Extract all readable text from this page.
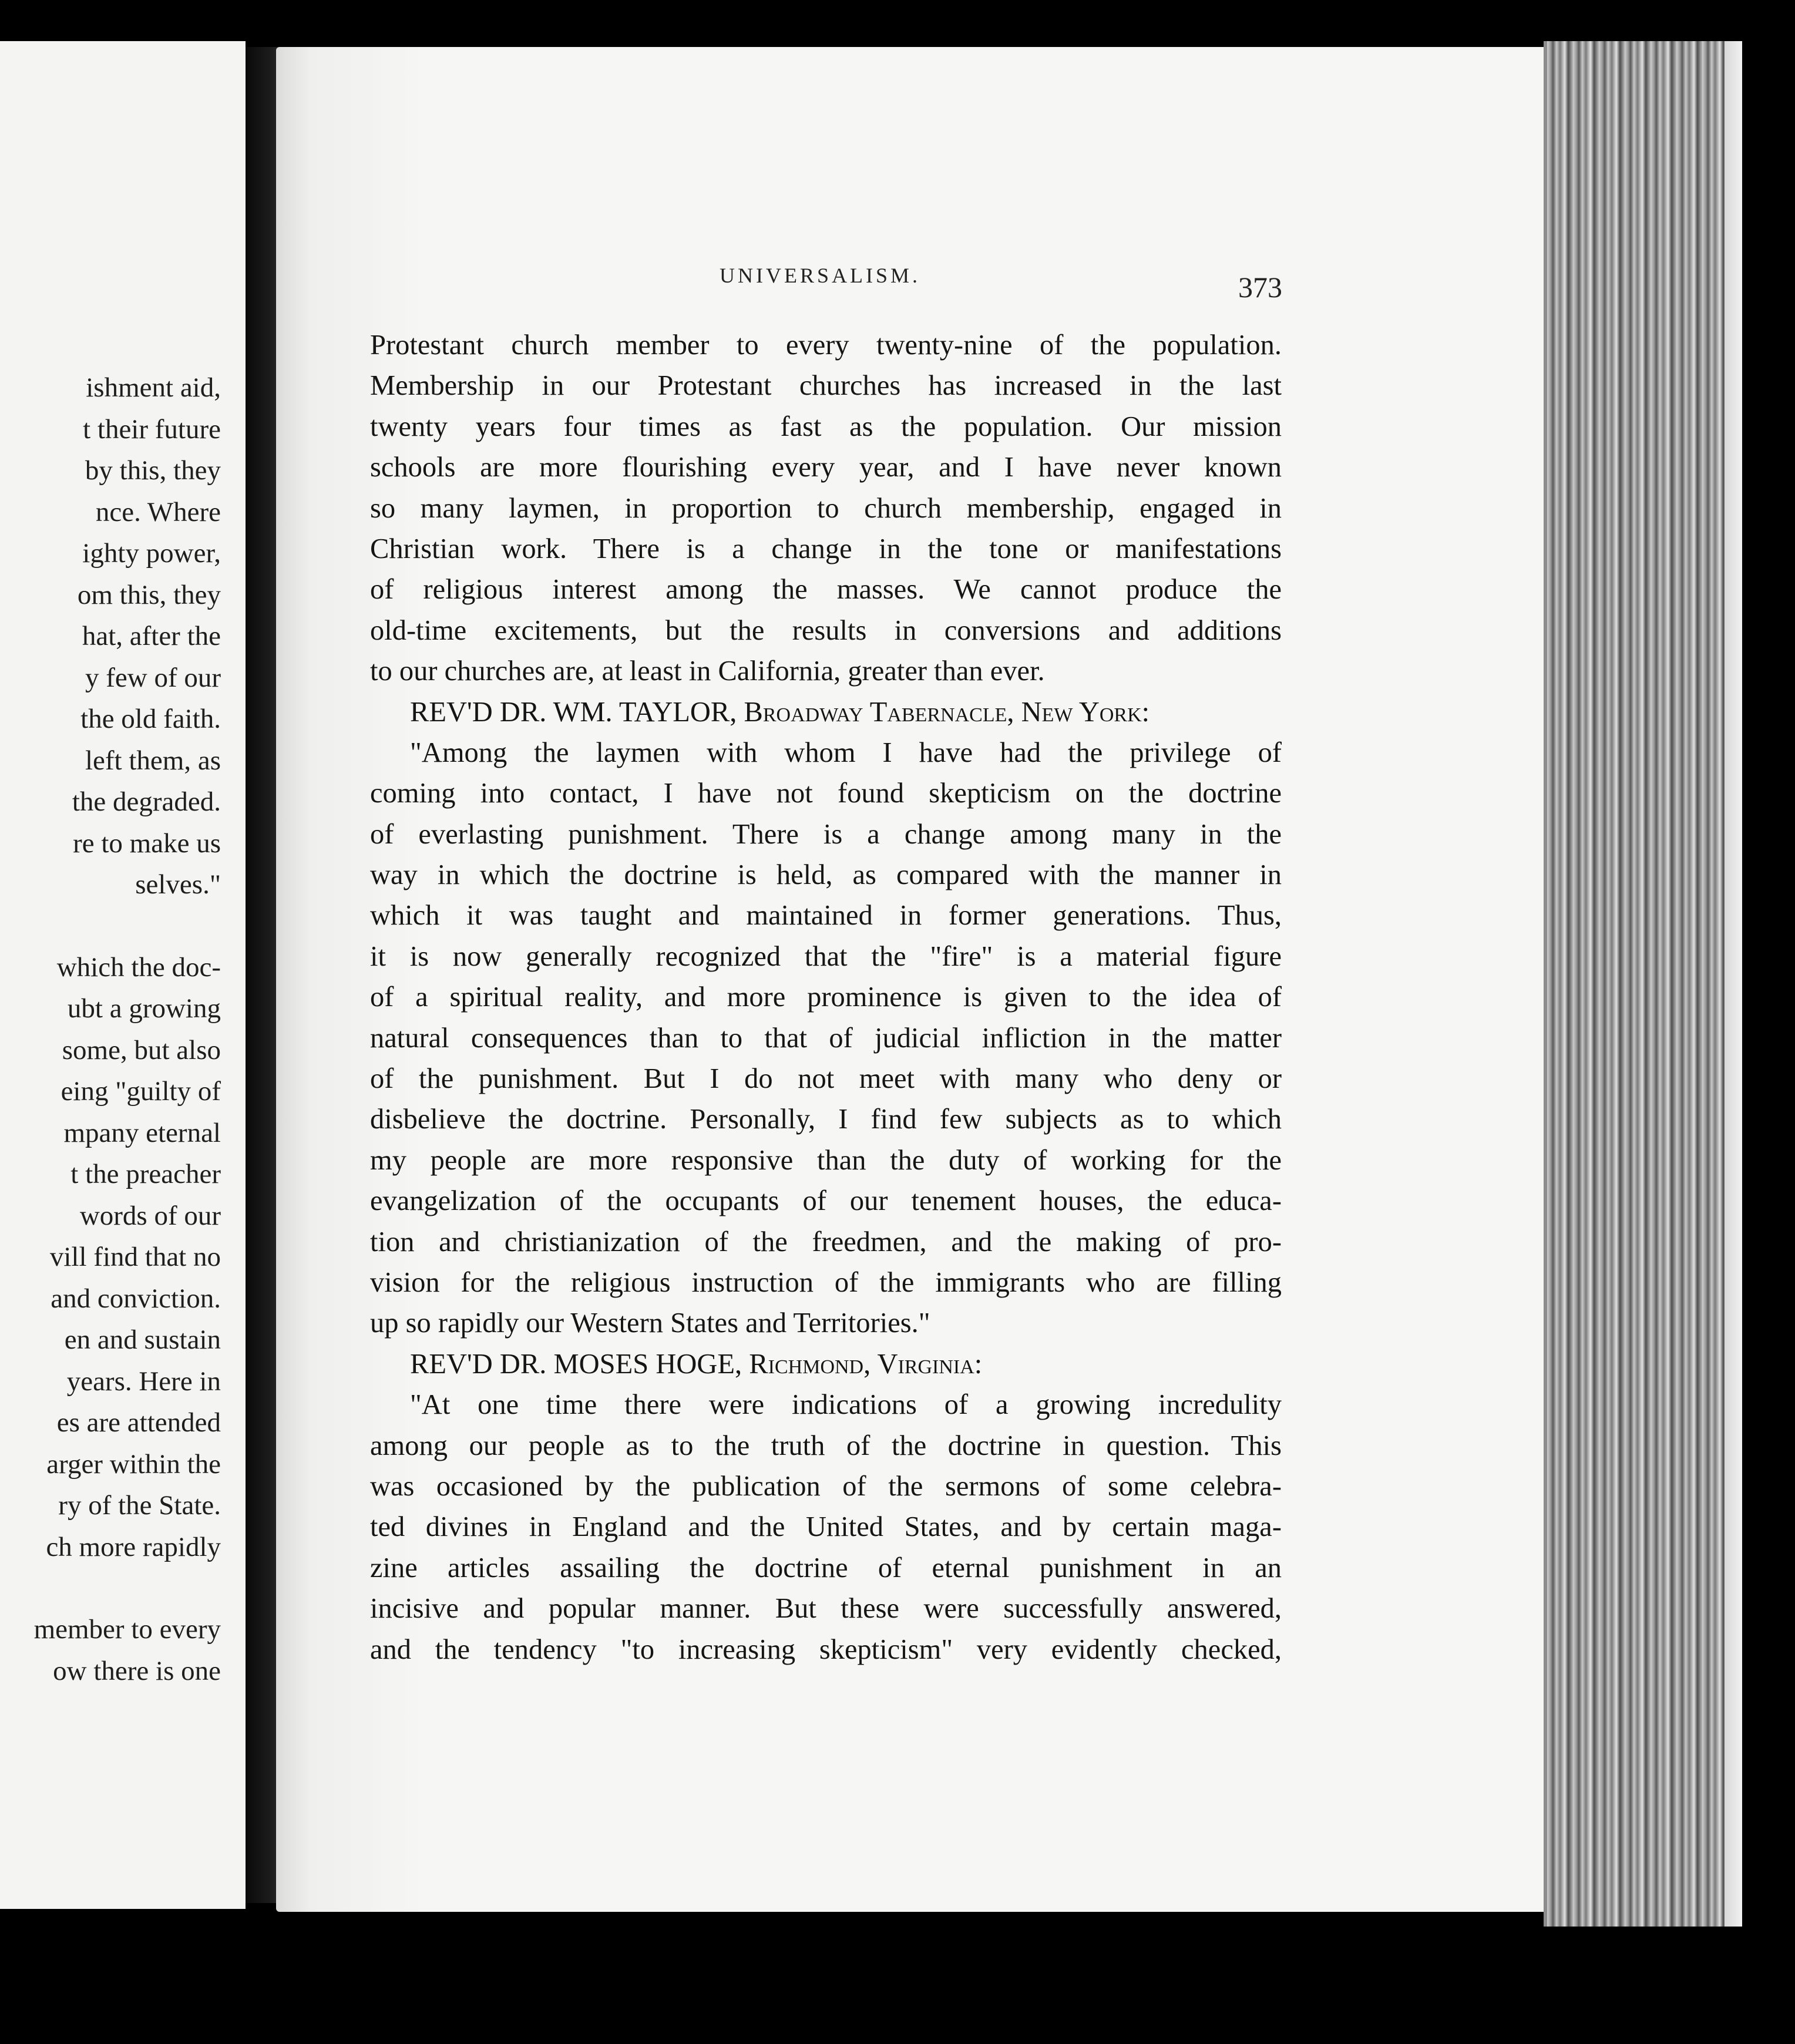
ishment aid,
t their future
by this, they
nce. Where
ighty power,
om this, they
hat, after the
y few of our
the old faith.
left them, as
the degraded.
re to make us
selves."
which the doc-
ubt a growing
some, but also
eing "guilty of
mpany eternal
t the preacher
words of our
vill find that no
and conviction.
en and sustain
years. Here in
es are attended
arger within the
ry of the State.
ch more rapidly
member to every
ow there is one
UNIVERSALISM.	373
Protestant church member to every twenty-nine of the population.
Membership in our Protestant churches has increased in the last
twenty years four times as fast as the population. Our mission
schools are more flourishing every year, and I have never known
so many laymen, in proportion to church membership, engaged in
Christian work. There is a change in the tone or manifestations
of religious interest among the masses. We cannot produce the
old-time excitements, but the results in conversions and additions
to our churches are, at least in California, greater than ever.
REV'D DR. WM. TAYLOR, Broadway Tabernacle, New York:
"Among the laymen with whom I have had the privilege of
coming into contact, I have not found skepticism on the doctrine
of everlasting punishment. There is a change among many in the
way in which the doctrine is held, as compared with the manner in
which it was taught and maintained in former generations. Thus,
it is now generally recognized that the "fire" is a material figure
of a spiritual reality, and more prominence is given to the idea of
natural consequences than to that of judicial infliction in the matter
of the punishment. But I do not meet with many who deny or
disbelieve the doctrine. Personally, I find few subjects as to which
my people are more responsive than the duty of working for the
evangelization of the occupants of our tenement houses, the educa-
tion and christianization of the freedmen, and the making of pro-
vision for the religious instruction of the immigrants who are filling
up so rapidly our Western States and Territories."
REV'D DR. MOSES HOGE, Richmond, Virginia:
"At one time there were indications of a growing incredulity
among our people as to the truth of the doctrine in question. This
was occasioned by the publication of the sermons of some celebra-
ted divines in England and the United States, and by certain maga-
zine articles assailing the doctrine of eternal punishment in an
incisive and popular manner. But these were successfully answered,
and the tendency "to increasing skepticism" very evidently checked,
